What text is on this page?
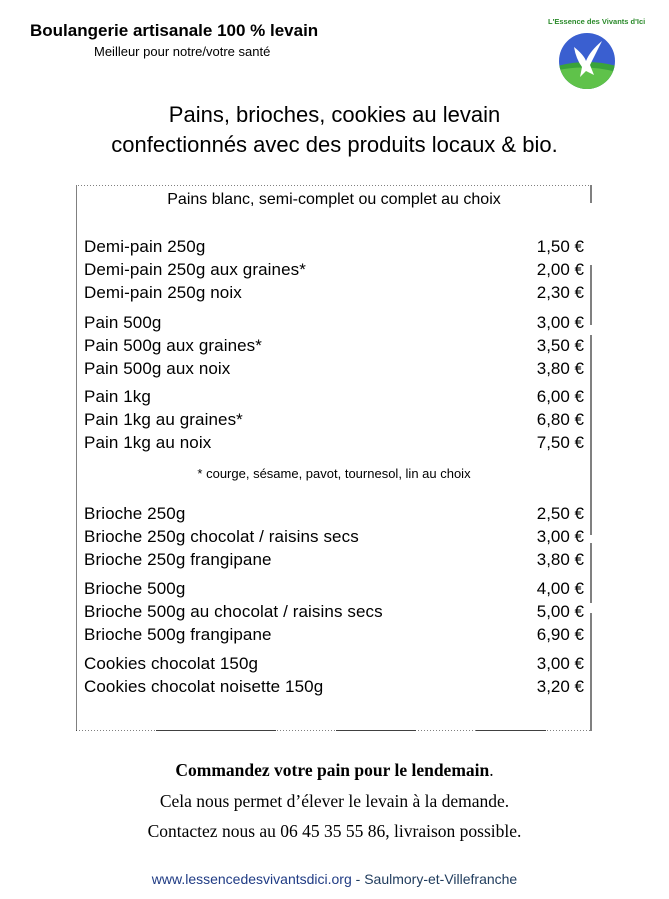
Boulangerie artisanale 100 % levain
Meilleur pour notre/votre santé
L'Essence des Vivants d'Ici
Pains, brioches, cookies au levain
confectionnés avec des produits locaux & bio.
Pains blanc, semi-complet ou complet au choix
Demi-pain 250g	1,50 €
Demi-pain 250g aux graines*	2,00 €
Demi-pain 250g noix	2,30 €
Pain 500g	3,00 €
Pain 500g aux graines*	3,50 €
Pain 500g aux noix	3,80 €
Pain 1kg	6,00 €
Pain 1kg au graines*	6,80 €
Pain 1kg au noix	7,50 €
Brioche 250g	2,50 €
Brioche 250g chocolat / raisins secs	3,00 €
Brioche 250g frangipane	3,80 €
Brioche 500g	4,00 €
Brioche 500g au chocolat / raisins secs	5,00 €
Brioche 500g frangipane	6,90 €
Cookies chocolat 150g	3,00 €
Cookies chocolat noisette 150g	3,20 €
* courge, sésame, pavot, tournesol, lin au choix
Commandez votre pain pour le lendemain.
Cela nous permet d’élever le levain à la demande.
Contactez nous au 06 45 35 55 86, livraison possible.
www.lessencedesvivantsdici.org - Saulmory-et-Villefranche
